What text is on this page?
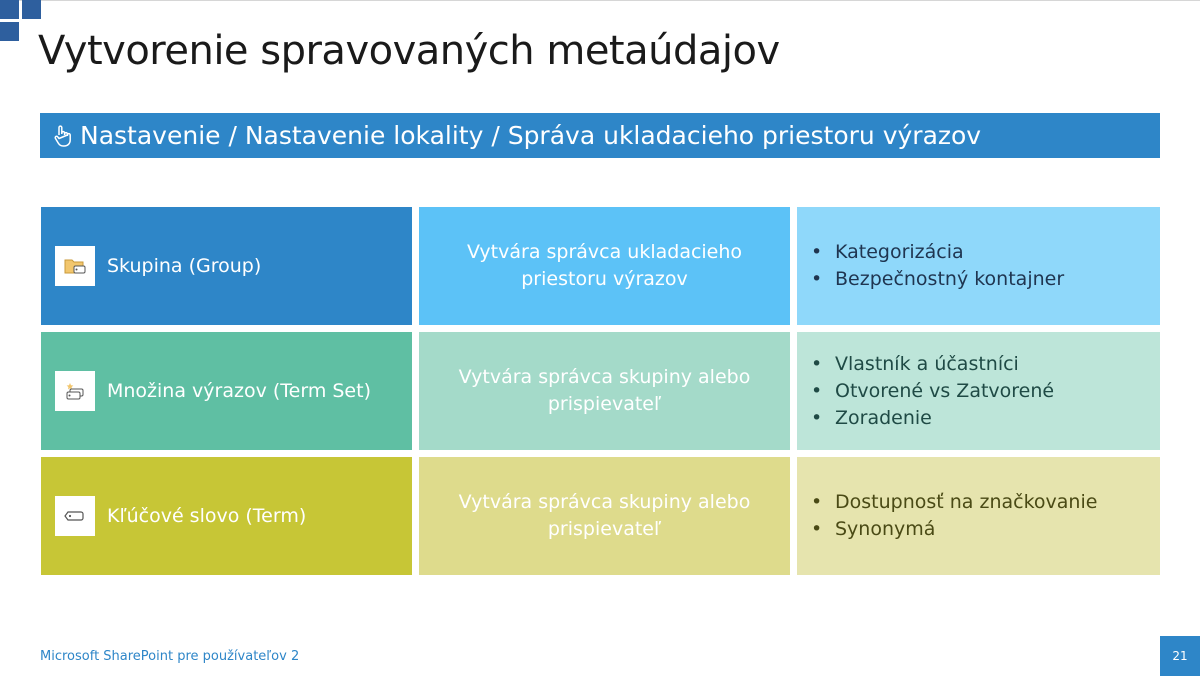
Vytvorenie spravovaných metaúdajov
Nastavenie / Nastavenie lokality / Správa ukladacieho priestoru výrazov
Skupina (Group)
Vytvára správca ukladacieho priestoru výrazov
• Kategorizácia
• Bezpečnostný kontajner
Množina výrazov (Term Set)
Vytvára správca skupiny alebo prispievateľ
• Vlastník a účastníci
• Otvorené vs Zatvorené
• Zoradenie
Kľúčové slovo (Term)
Vytvára správca skupiny alebo prispievateľ
• Dostupnosť na značkovanie
• Synonymá
Microsoft SharePoint pre používateľov 2	21
